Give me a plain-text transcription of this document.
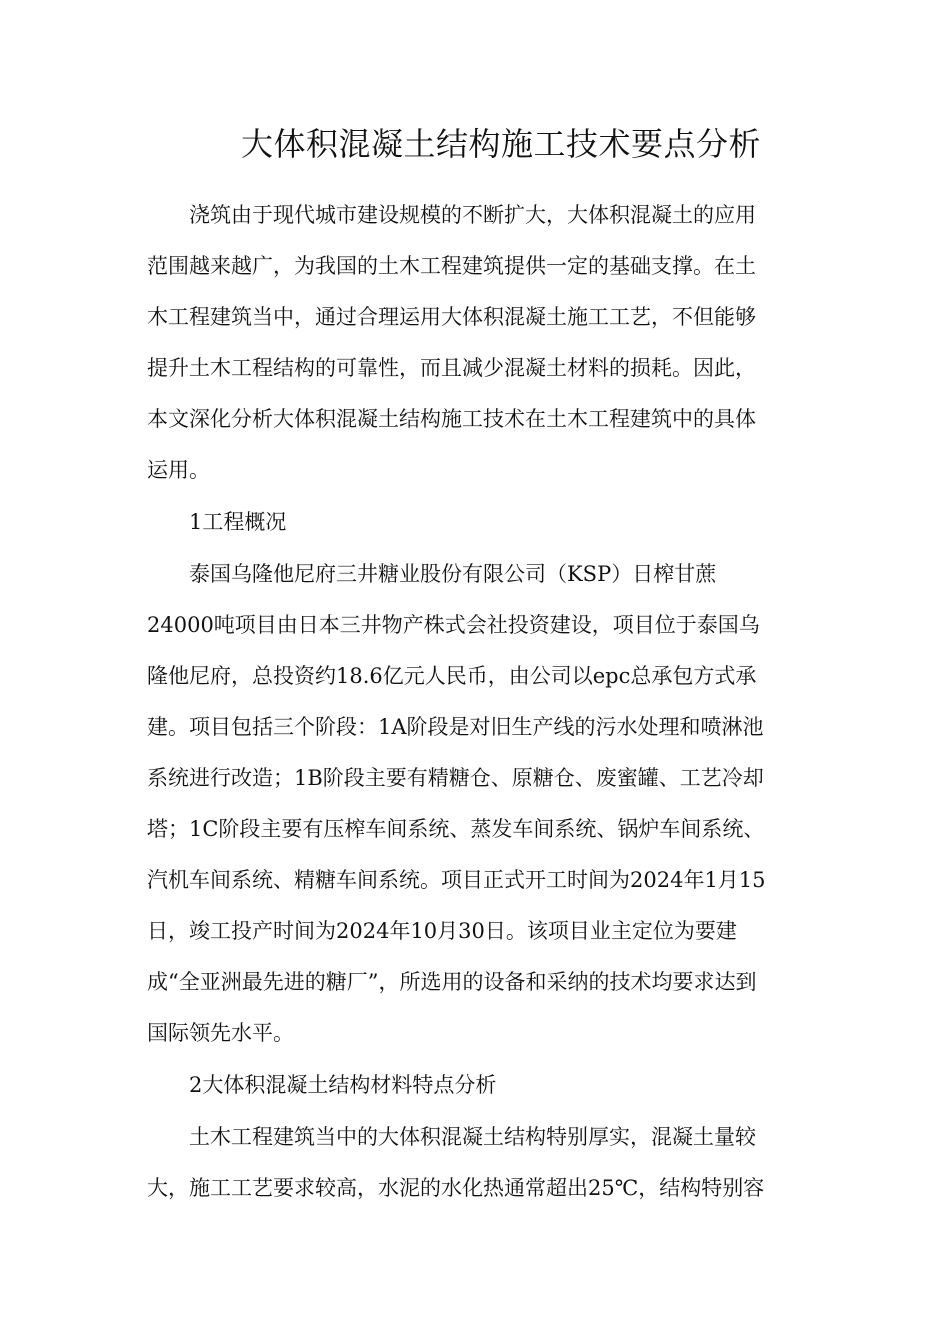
大体积混凝土结构施工技术要点分析
浇筑由于现代城市建设规模的不断扩大，大体积混凝土的应用
范围越来越广，为我国的土木工程建筑提供一定的基础支撑。在土
木工程建筑当中，通过合理运用大体积混凝土施工工艺，不但能够
提升土木工程结构的可靠性，而且减少混凝土材料的损耗。因此，
本文深化分析大体积混凝土结构施工技术在土木工程建筑中的具体
运用。
1工程概况
泰国乌隆他尼府三井糖业股份有限公司（KSP）日榨甘蔗
24000吨项目由日本三井物产株式会社投资建设，项目位于泰国乌
隆他尼府，总投资约18.6亿元人民币，由公司以epc总承包方式承
建。项目包括三个阶段：1A阶段是对旧生产线的污水处理和喷淋池
系统进行改造；1B阶段主要有精糖仓、原糖仓、废蜜罐、工艺冷却
塔；1C阶段主要有压榨车间系统、蒸发车间系统、锅炉车间系统、
汽机车间系统、精糖车间系统。项目正式开工时间为2024年1月15
日，竣工投产时间为2024年10月30日。该项目业主定位为要建
成“全亚洲最先进的糖厂”，所选用的设备和采纳的技术均要求达到
国际领先水平。
2大体积混凝土结构材料特点分析
土木工程建筑当中的大体积混凝土结构特别厚实，混凝土量较
大，施工工艺要求较高，水泥的水化热通常超出25℃，结构特别容
